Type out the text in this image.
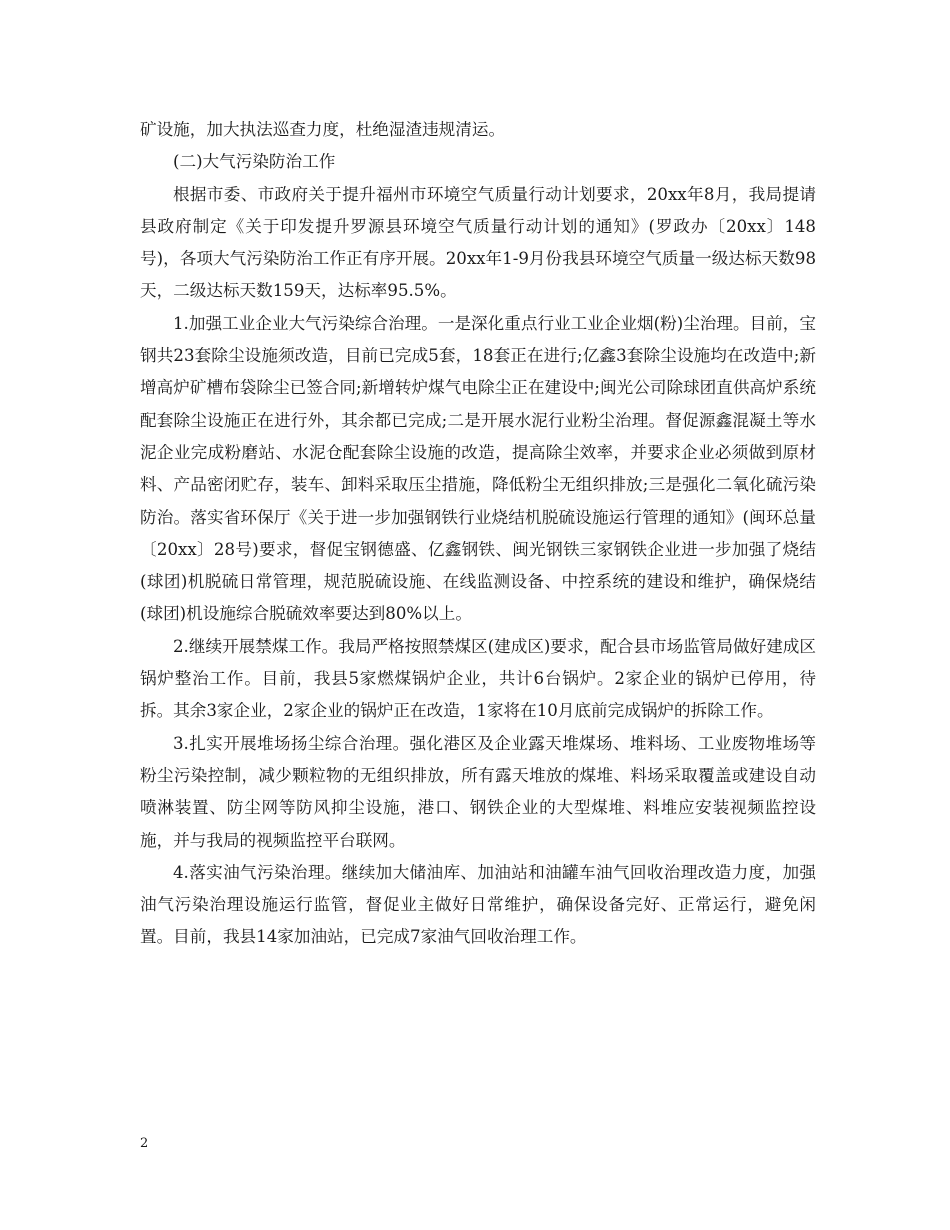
矿设施，加大执法巡查力度，杜绝湿渣违规清运。

(二)大气污染防治工作

根据市委、市政府关于提升福州市环境空气质量行动计划要求，20xx年8月，我局提请县政府制定《关于印发提升罗源县环境空气质量行动计划的通知》(罗政办〔20xx〕148号)，各项大气污染防治工作正有序开展。20xx年1-9月份我县环境空气质量一级达标天数98天，二级达标天数159天，达标率95.5%。

1.加强工业企业大气污染综合治理。一是深化重点行业工业企业烟(粉)尘治理。目前，宝钢共23套除尘设施须改造，目前已完成5套，18套正在进行;亿鑫3套除尘设施均在改造中;新增高炉矿槽布袋除尘已签合同;新增转炉煤气电除尘正在建设中;闽光公司除球团直供高炉系统配套除尘设施正在进行外，其余都已完成;二是开展水泥行业粉尘治理。督促源鑫混凝土等水泥企业完成粉磨站、水泥仓配套除尘设施的改造，提高除尘效率，并要求企业必须做到原材料、产品密闭贮存，装车、卸料采取压尘措施，降低粉尘无组织排放;三是强化二氧化硫污染防治。落实省环保厅《关于进一步加强钢铁行业烧结机脱硫设施运行管理的通知》(闽环总量〔20xx〕28号)要求，督促宝钢德盛、亿鑫钢铁、闽光钢铁三家钢铁企业进一步加强了烧结(球团)机脱硫日常管理，规范脱硫设施、在线监测设备、中控系统的建设和维护，确保烧结(球团)机设施综合脱硫效率要达到80%以上。

2.继续开展禁煤工作。我局严格按照禁煤区(建成区)要求，配合县市场监管局做好建成区锅炉整治工作。目前，我县5家燃煤锅炉企业，共计6台锅炉。2家企业的锅炉已停用，待拆。其余3家企业，2家企业的锅炉正在改造，1家将在10月底前完成锅炉的拆除工作。

3.扎实开展堆场扬尘综合治理。强化港区及企业露天堆煤场、堆料场、工业废物堆场等粉尘污染控制，减少颗粒物的无组织排放，所有露天堆放的煤堆、料场采取覆盖或建设自动喷淋装置、防尘网等防风抑尘设施，港口、钢铁企业的大型煤堆、料堆应安装视频监控设施，并与我局的视频监控平台联网。

4.落实油气污染治理。继续加大储油库、加油站和油罐车油气回收治理改造力度，加强油气污染治理设施运行监管，督促业主做好日常维护，确保设备完好、正常运行，避免闲置。目前，我县14家加油站，已完成7家油气回收治理工作。

2
